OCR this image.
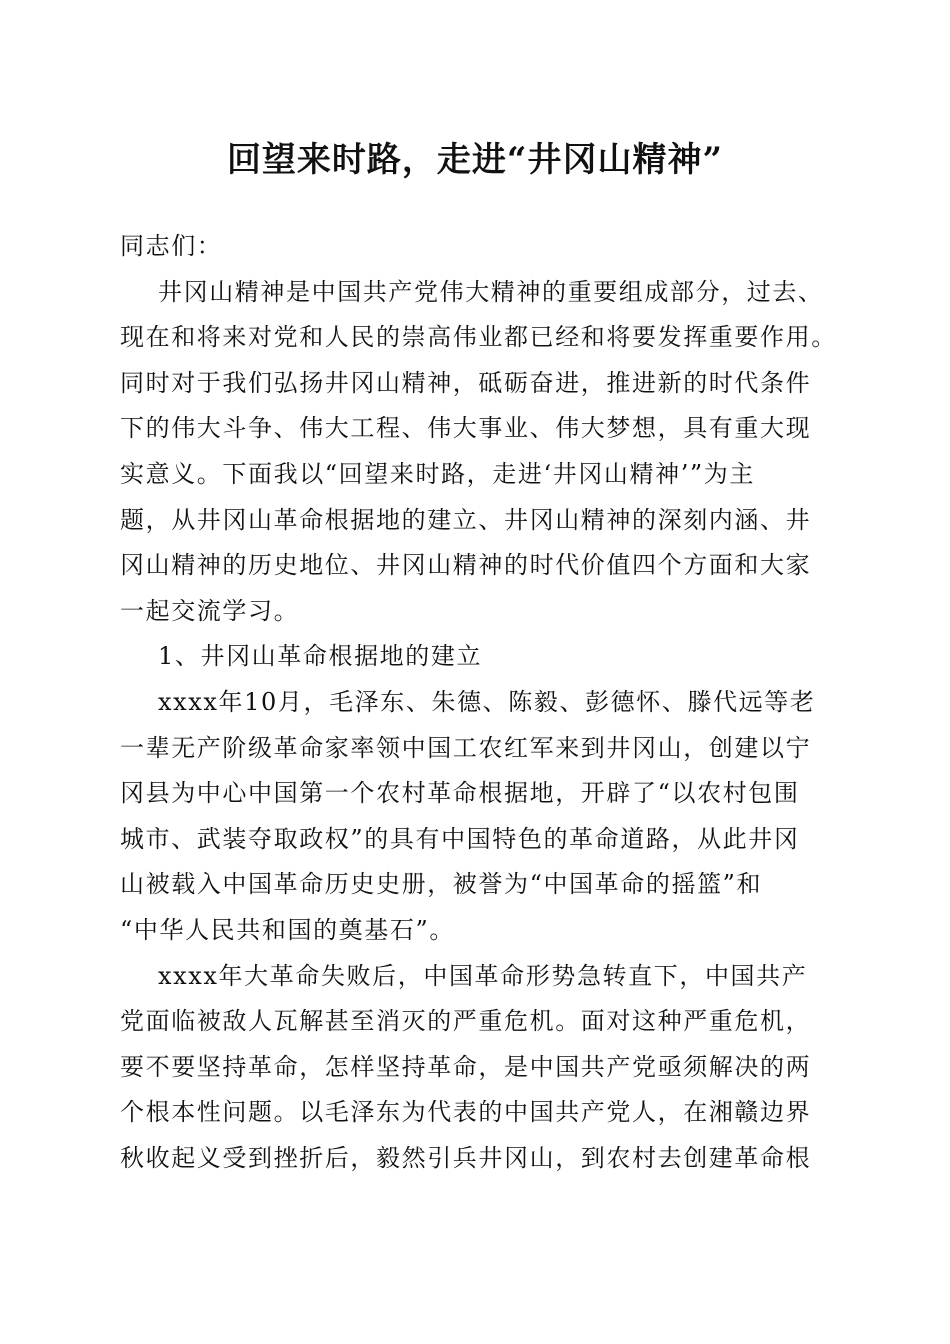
回望来时路，走进“井冈山精神”
同志们：
井冈山精神是中国共产党伟大精神的重要组成部分，过去、
现在和将来对党和人民的崇高伟业都已经和将要发挥重要作用。
同时对于我们弘扬井冈山精神，砥砺奋进，推进新的时代条件
下的伟大斗争、伟大工程、伟大事业、伟大梦想，具有重大现
实意义。下面我以“回望来时路，走进‘井冈山精神’”为主
题，从井冈山革命根据地的建立、井冈山精神的深刻内涵、井
冈山精神的历史地位、井冈山精神的时代价值四个方面和大家
一起交流学习。
1、井冈山革命根据地的建立
xxxx年10月，毛泽东、朱德、陈毅、彭德怀、滕代远等老
一辈无产阶级革命家率领中国工农红军来到井冈山，创建以宁
冈县为中心中国第一个农村革命根据地，开辟了“以农村包围
城市、武装夺取政权”的具有中国特色的革命道路，从此井冈
山被载入中国革命历史史册，被誉为“中国革命的摇篮”和
“中华人民共和国的奠基石”。
xxxx年大革命失败后，中国革命形势急转直下，中国共产
党面临被敌人瓦解甚至消灭的严重危机。面对这种严重危机，
要不要坚持革命，怎样坚持革命，是中国共产党亟须解决的两
个根本性问题。以毛泽东为代表的中国共产党人，在湘赣边界
秋收起义受到挫折后，毅然引兵井冈山，到农村去创建革命根
